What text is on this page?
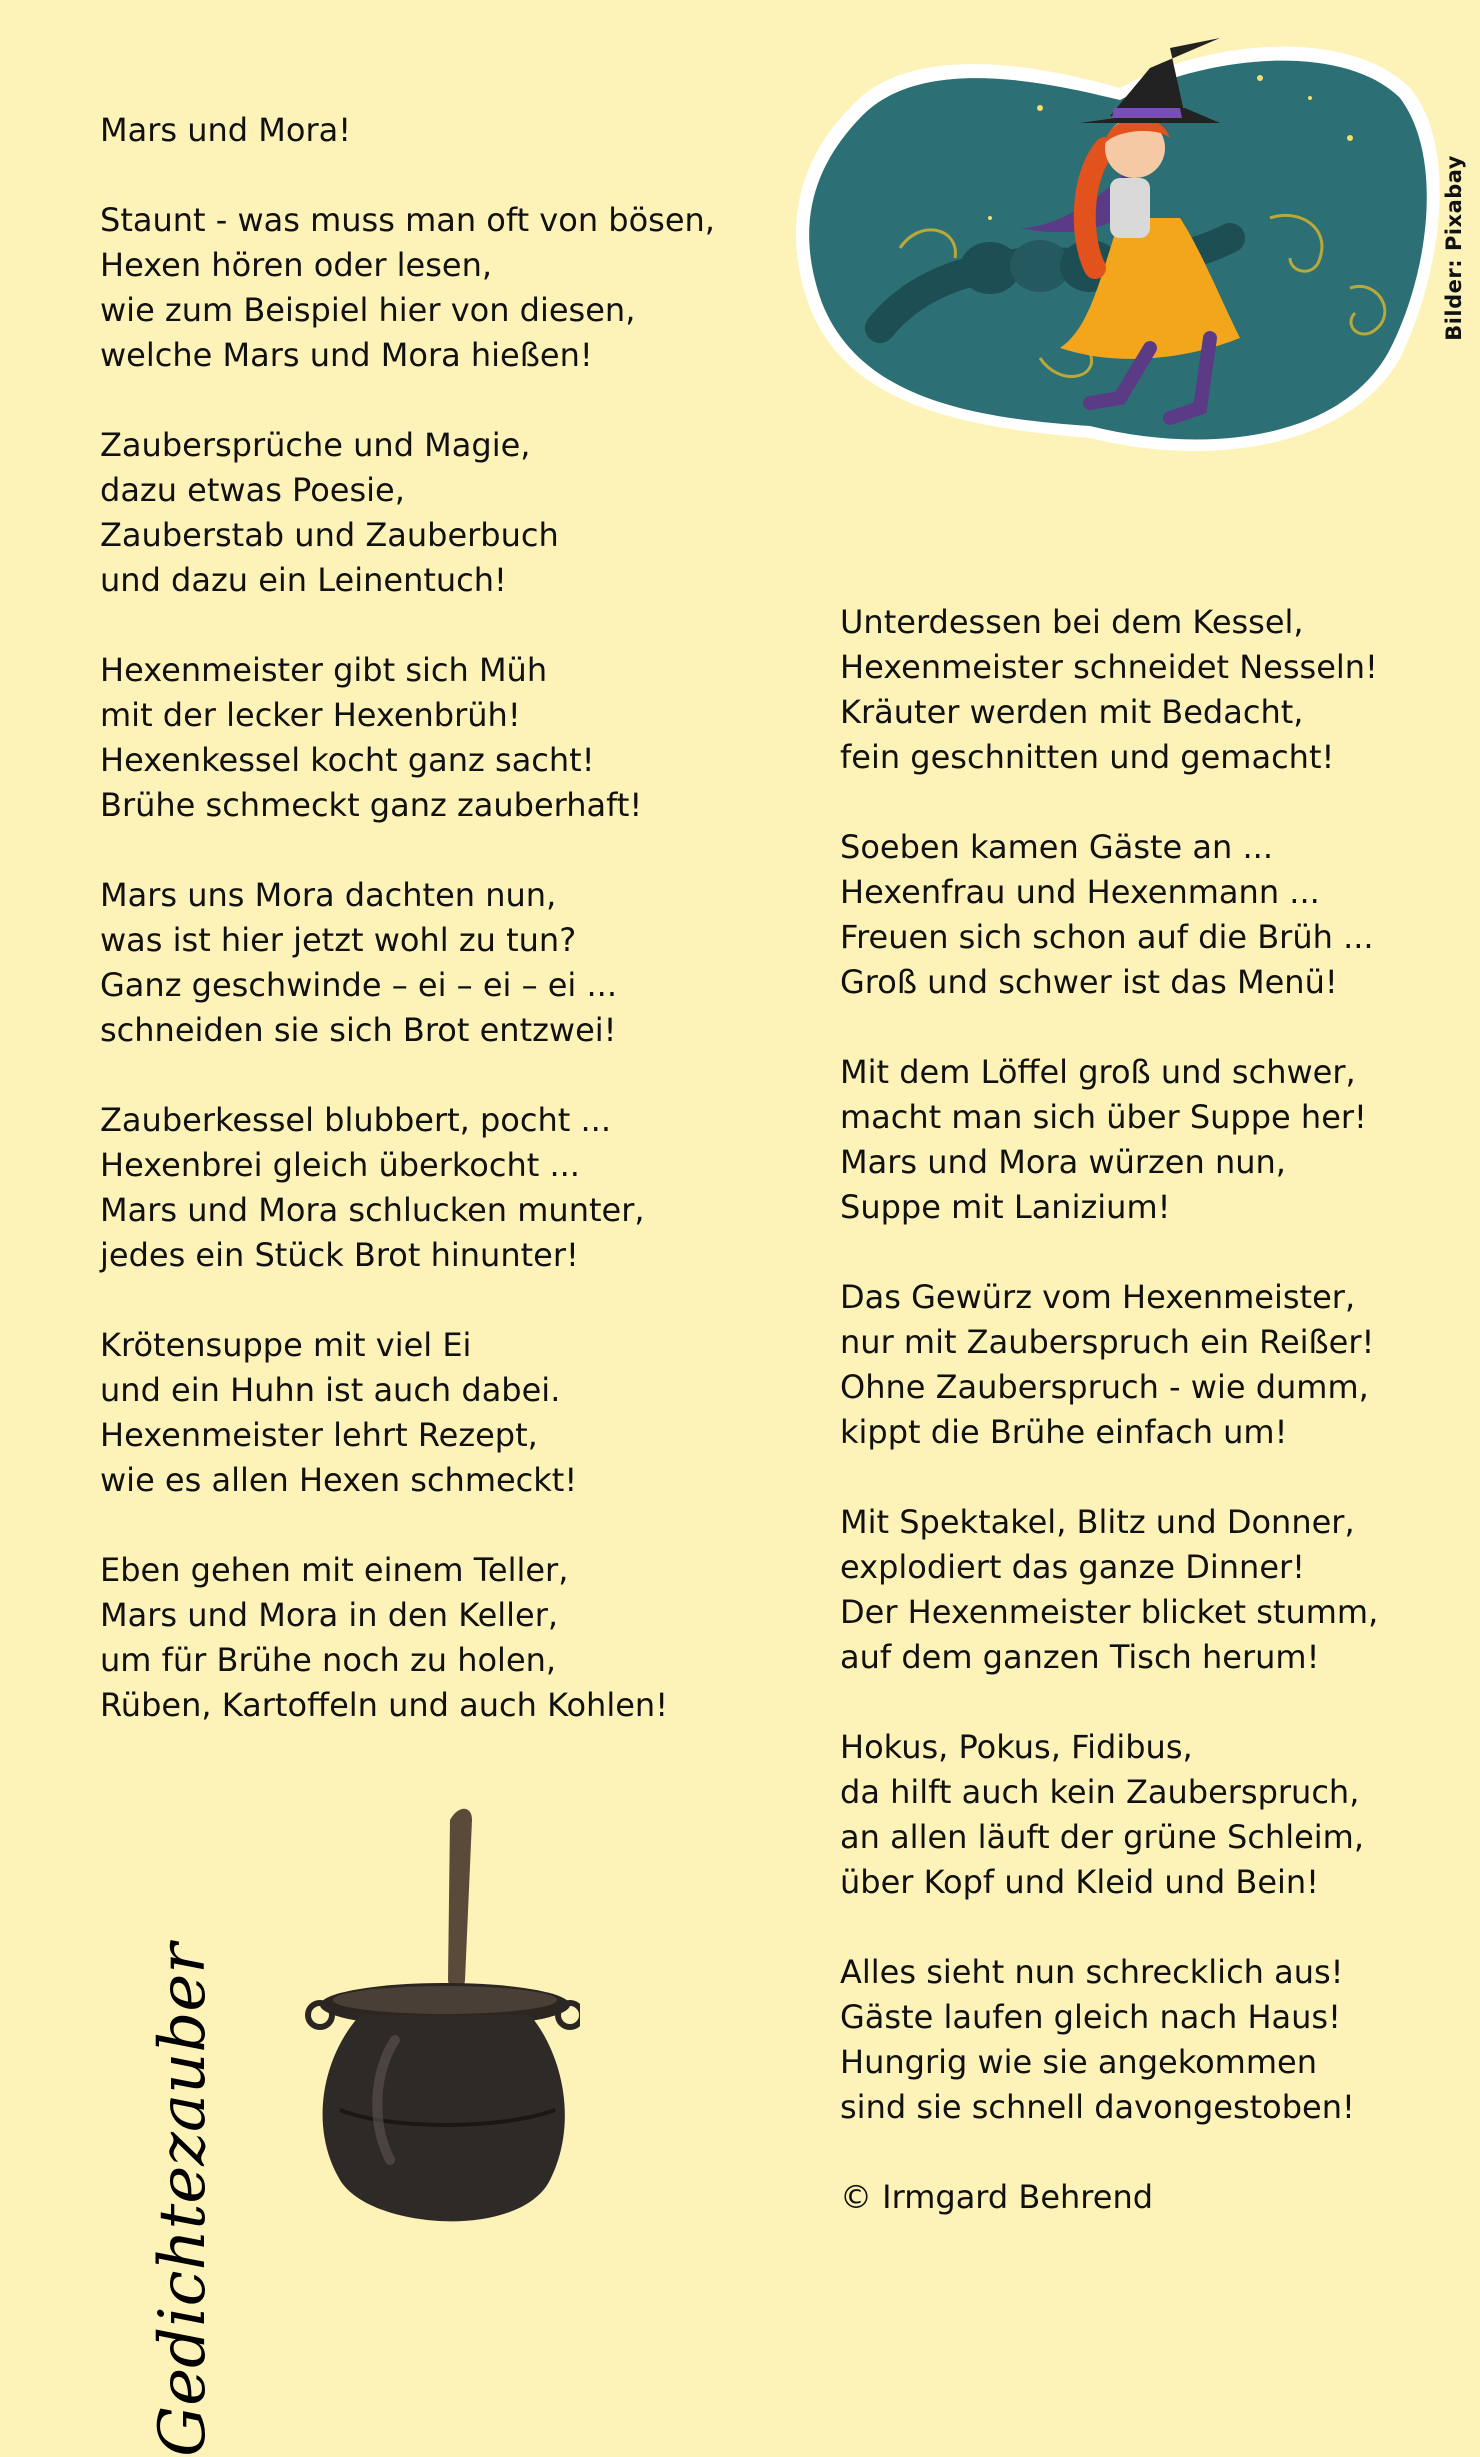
Bilder: Pixabay
Mars und Mora!
Staunt - was muss man oft von bösen,
Hexen hören oder lesen,
wie zum Beispiel hier von diesen,
welche Mars und Mora hießen!
Zaubersprüche und Magie,
dazu etwas Poesie,
Zauberstab und Zauberbuch
und dazu ein Leinentuch!
Hexenmeister gibt sich Müh
mit der lecker Hexenbrüh!
Hexenkessel kocht ganz sacht!
Brühe schmeckt ganz zauberhaft!
Mars uns Mora dachten nun,
was ist hier jetzt wohl zu tun?
Ganz geschwinde – ei – ei – ei ...
schneiden sie sich Brot entzwei!
Zauberkessel blubbert, pocht ...
Hexenbrei gleich überkocht ...
Mars und Mora schlucken munter,
jedes ein Stück Brot hinunter!
Krötensuppe mit viel Ei
und ein Huhn ist auch dabei.
Hexenmeister lehrt Rezept,
wie es allen Hexen schmeckt!
Eben gehen mit einem Teller,
Mars und Mora in den Keller,
um für Brühe noch zu holen,
Rüben, Kartoffeln und auch Kohlen!
Unterdessen bei dem Kessel,
Hexenmeister schneidet Nesseln!
Kräuter werden mit Bedacht,
fein geschnitten und gemacht!
Soeben kamen Gäste an ...
Hexenfrau und Hexenmann ...
Freuen sich schon auf die Brüh ...
Groß und schwer ist das Menü!
Mit dem Löffel groß und schwer,
macht man sich über Suppe her!
Mars und Mora würzen nun,
Suppe mit Lanizium!
Das Gewürz vom Hexenmeister,
nur mit Zauberspruch ein Reißer!
Ohne Zauberspruch - wie dumm,
kippt die Brühe einfach um!
Mit Spektakel, Blitz und Donner,
explodiert das ganze Dinner!
Der Hexenmeister blicket stumm,
auf dem ganzen Tisch herum!
Hokus, Pokus, Fidibus,
da hilft auch kein Zauberspruch,
an allen läuft der grüne Schleim,
über Kopf und Kleid und Bein!
Alles sieht nun schrecklich aus!
Gäste laufen gleich nach Haus!
Hungrig wie sie angekommen
sind sie schnell davongestoben!
© Irmgard Behrend
Gedichtezauber
